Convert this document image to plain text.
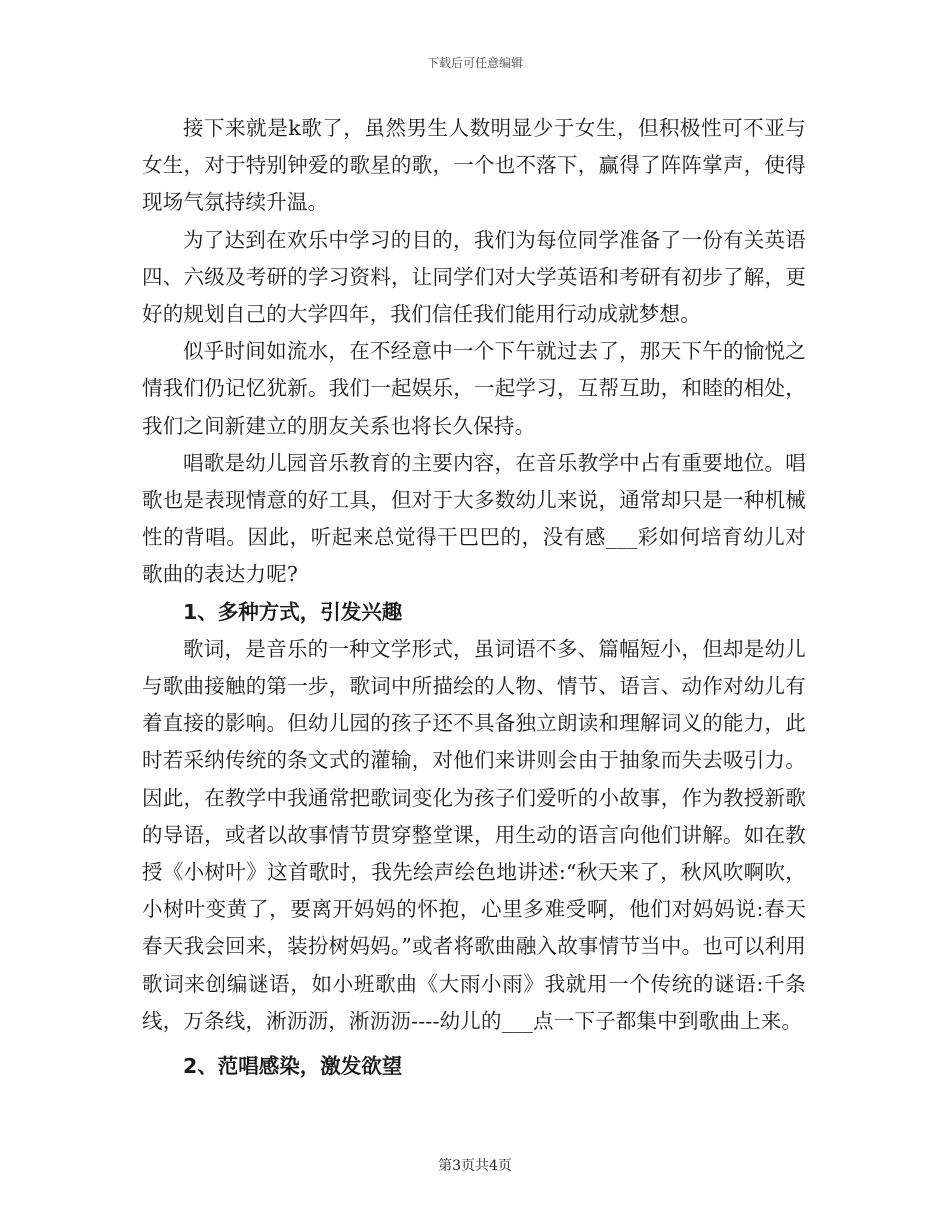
下载后可任意编辑

接下来就是k歌了，虽然男生人数明显少于女生，但积极性可不亚与女生，对于特别钟爱的歌星的歌，一个也不落下，赢得了阵阵掌声，使得现场气氛持续升温。

为了达到在欢乐中学习的目的，我们为每位同学准备了一份有关英语四、六级及考研的学习资料，让同学们对大学英语和考研有初步了解，更好的规划自己的大学四年，我们信任我们能用行动成就梦想。

似乎时间如流水，在不经意中一个下午就过去了，那天下午的愉悦之情我们仍记忆犹新。我们一起娱乐，一起学习，互帮互助，和睦的相处，我们之间新建立的朋友关系也将长久保持。

唱歌是幼儿园音乐教育的主要内容，在音乐教学中占有重要地位。唱歌也是表现情意的好工具，但对于大多数幼儿来说，通常却只是一种机械性的背唱。因此，听起来总觉得干巴巴的，没有感___彩如何培育幼儿对歌曲的表达力呢?

1、多种方式，引发兴趣

歌词，是音乐的一种文学形式，虽词语不多、篇幅短小，但却是幼儿与歌曲接触的第一步，歌词中所描绘的人物、情节、语言、动作对幼儿有着直接的影响。但幼儿园的孩子还不具备独立朗读和理解词义的能力，此时若采纳传统的条文式的灌输，对他们来讲则会由于抽象而失去吸引力。因此，在教学中我通常把歌词变化为孩子们爱听的小故事，作为教授新歌的导语，或者以故事情节贯穿整堂课，用生动的语言向他们讲解。如在教授《小树叶》这首歌时，我先绘声绘色地讲述:“秋天来了，秋风吹啊吹，小树叶变黄了，要离开妈妈的怀抱，心里多难受啊，他们对妈妈说:春天春天我会回来，装扮树妈妈。”或者将歌曲融入故事情节当中。也可以利用歌词来创编谜语，如小班歌曲《大雨小雨》我就用一个传统的谜语:千条线，万条线，淅沥沥，淅沥沥----幼儿的___点一下子都集中到歌曲上来。

2、范唱感染，激发欲望

第3页共4页
